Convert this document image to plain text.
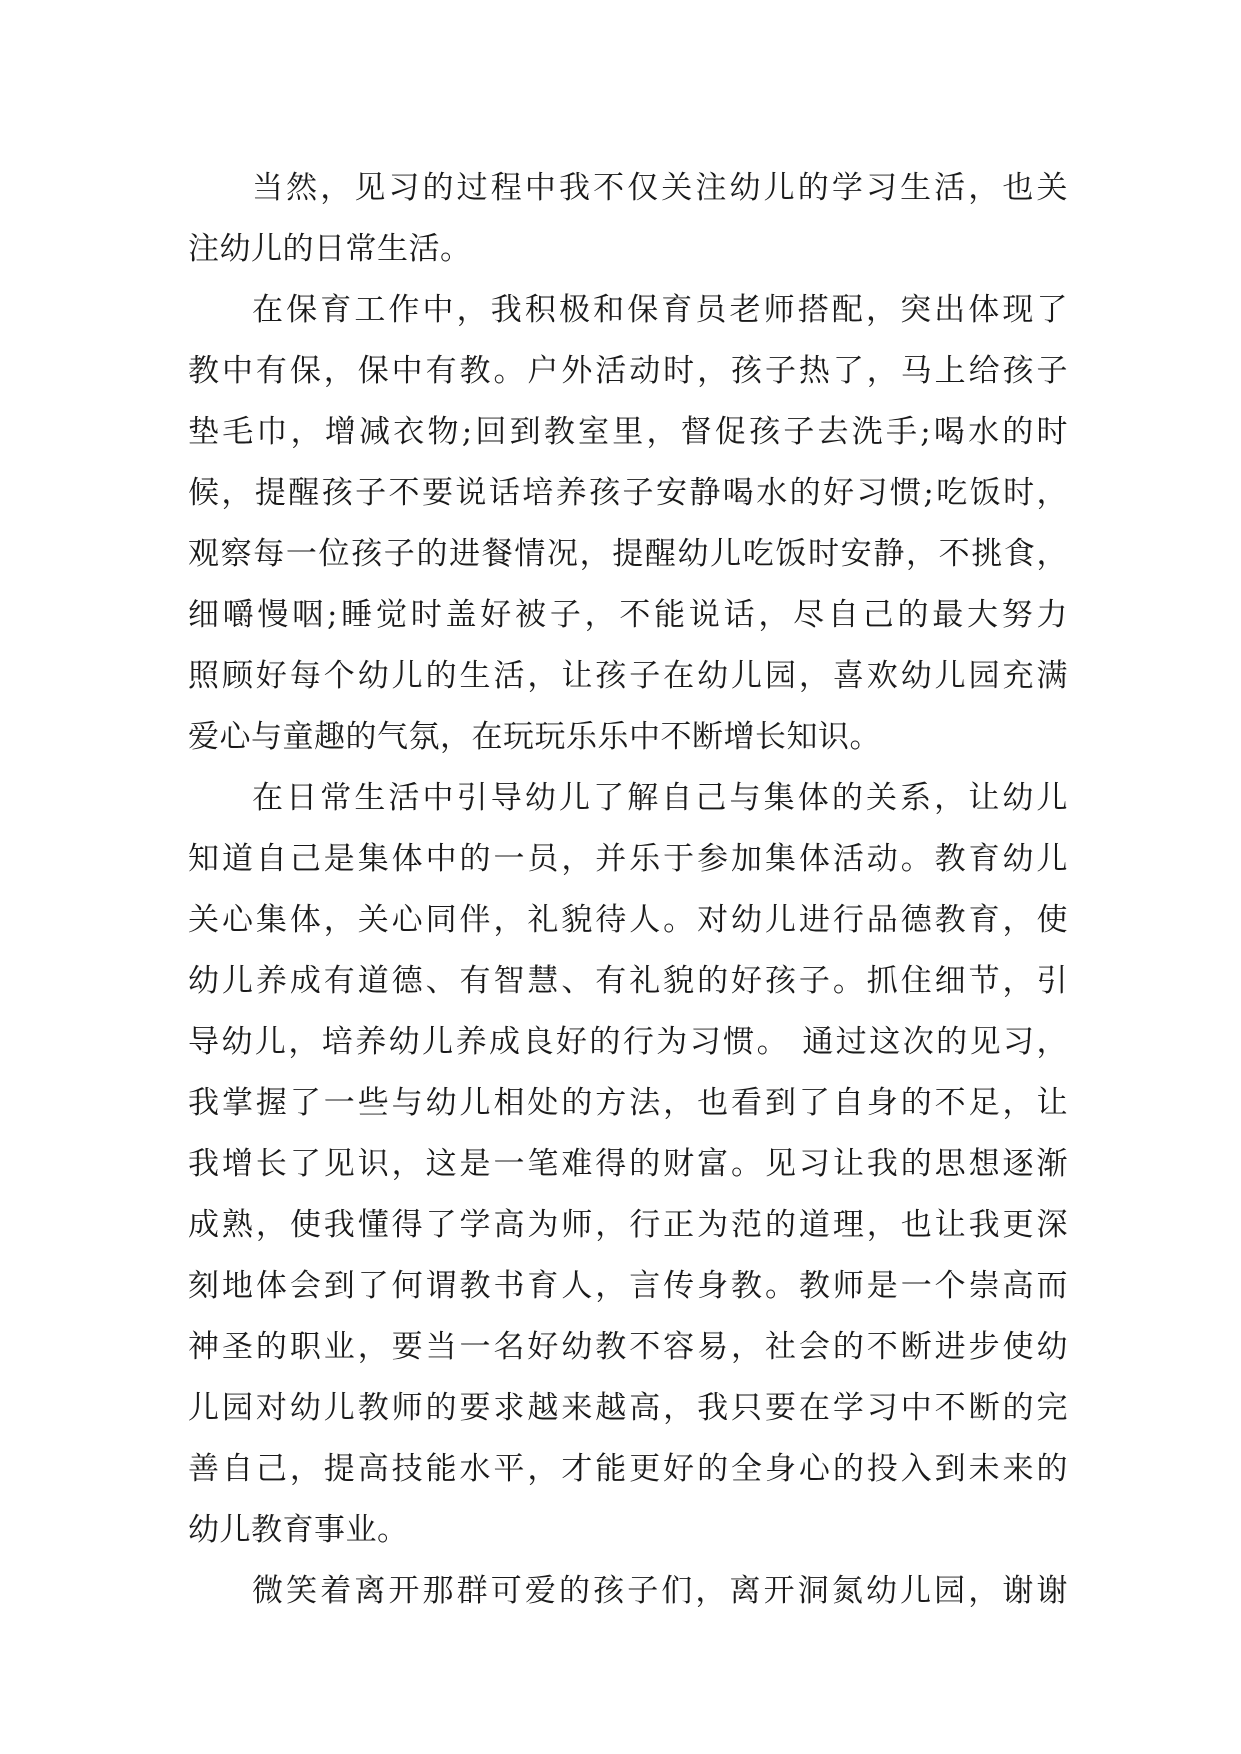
当然，见习的过程中我不仅关注幼儿的学习生活，也关
注幼儿的日常生活。
在保育工作中，我积极和保育员老师搭配，突出体现了
教中有保，保中有教。户外活动时，孩子热了，马上给孩子
垫毛巾，增减衣物;回到教室里，督促孩子去洗手;喝水的时
候，提醒孩子不要说话培养孩子安静喝水的好习惯;吃饭时，
观察每一位孩子的进餐情况，提醒幼儿吃饭时安静，不挑食，
细嚼慢咽;睡觉时盖好被子，不能说话，尽自己的最大努力
照顾好每个幼儿的生活，让孩子在幼儿园，喜欢幼儿园充满
爱心与童趣的气氛，在玩玩乐乐中不断增长知识。
在日常生活中引导幼儿了解自己与集体的关系，让幼儿
知道自己是集体中的一员，并乐于参加集体活动。教育幼儿
关心集体，关心同伴，礼貌待人。对幼儿进行品德教育，使
幼儿养成有道德、有智慧、有礼貌的好孩子。抓住细节，引
导幼儿，培养幼儿养成良好的行为习惯。 通过这次的见习，
我掌握了一些与幼儿相处的方法，也看到了自身的不足，让
我增长了见识，这是一笔难得的财富。见习让我的思想逐渐
成熟，使我懂得了学高为师，行正为范的道理，也让我更深
刻地体会到了何谓教书育人，言传身教。教师是一个崇高而
神圣的职业，要当一名好幼教不容易，社会的不断进步使幼
儿园对幼儿教师的要求越来越高，我只要在学习中不断的完
善自己，提高技能水平，才能更好的全身心的投入到未来的
幼儿教育事业。
微笑着离开那群可爱的孩子们，离开洞氮幼儿园，谢谢
